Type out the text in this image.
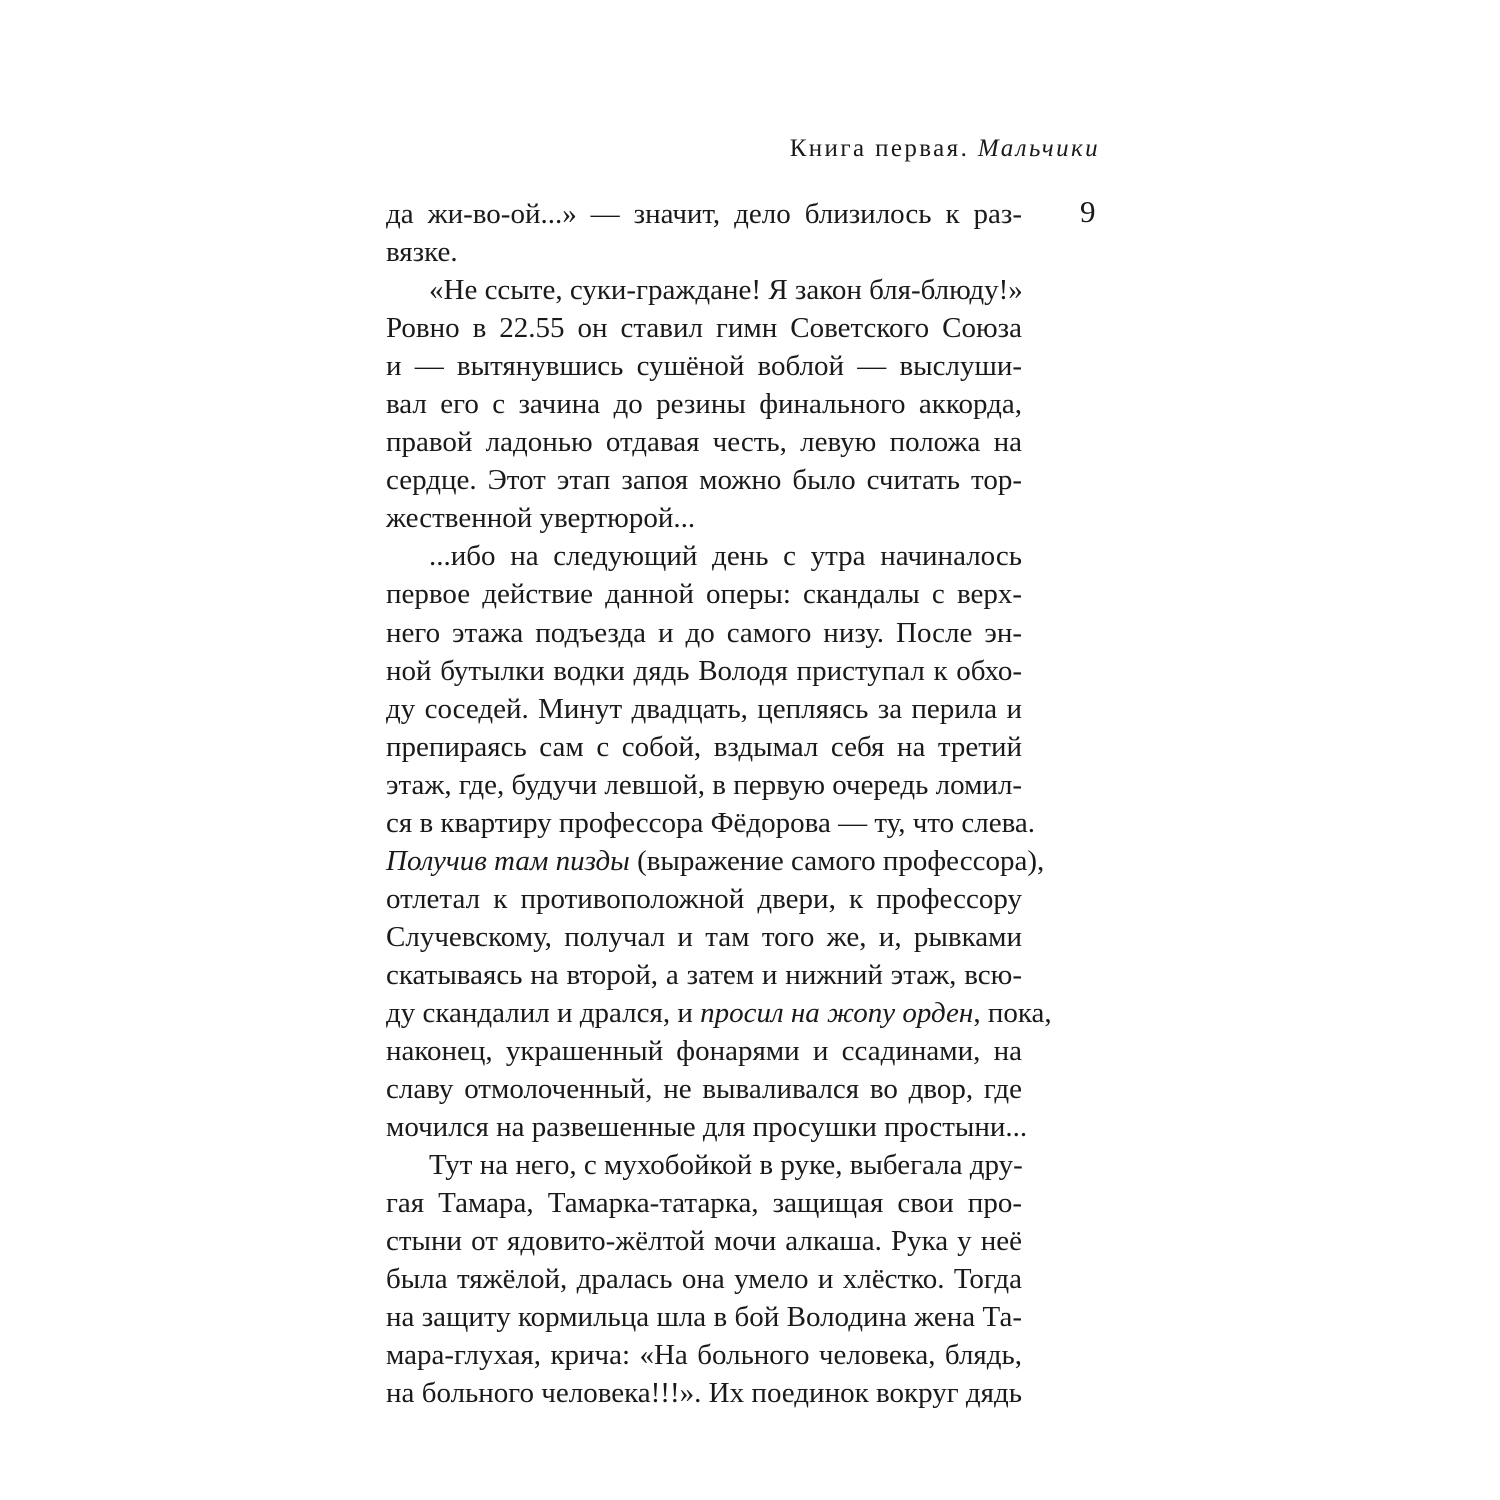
Книга первая. Мальчики
9
да жи-во-ой...» — значит, дело близилось к раз-
вязке.
«Не ссыте, суки-граждане! Я закон бля-блюду!»
Ровно в 22.55 он ставил гимн Советского Союза
и — вытянувшись сушёной воблой — выслуши-
вал его с зачина до резины финального аккорда,
правой ладонью отдавая честь, левую положа на
сердце. Этот этап запоя можно было считать тор-
жественной увертюрой...
...ибо на следующий день с утра начиналось
первое действие данной оперы: скандалы с верх-
него этажа подъезда и до самого низу. После эн-
ной бутылки водки дядь Володя приступал к обхо-
ду соседей. Минут двадцать, цепляясь за перила и
препираясь сам с собой, вздымал себя на третий
этаж, где, будучи левшой, в первую очередь ломил-
ся в квартиру профессора Фёдорова — ту, что слева.
Получив там пизды (выражение самого профессора),
отлетал к противоположной двери, к профессору
Случевскому, получал и там того же, и, рывками
скатываясь на второй, а затем и нижний этаж, всю-
ду скандалил и дрался, и просил на жопу орден, пока,
наконец, украшенный фонарями и ссадинами, на
славу отмолоченный, не вываливался во двор, где
мочился на развешенные для просушки простыни...
Тут на него, с мухобойкой в руке, выбегала дру-
гая Тамара, Тамарка-татарка, защищая свои про-
стыни от ядовито-жёлтой мочи алкаша. Рука у неё
была тяжёлой, дралась она умело и хлёстко. Тогда
на защиту кормильца шла в бой Володина жена Та-
мара-глухая, крича: «На больного человека, блядь,
на больного человека!!!». Их поединок вокруг дядь
